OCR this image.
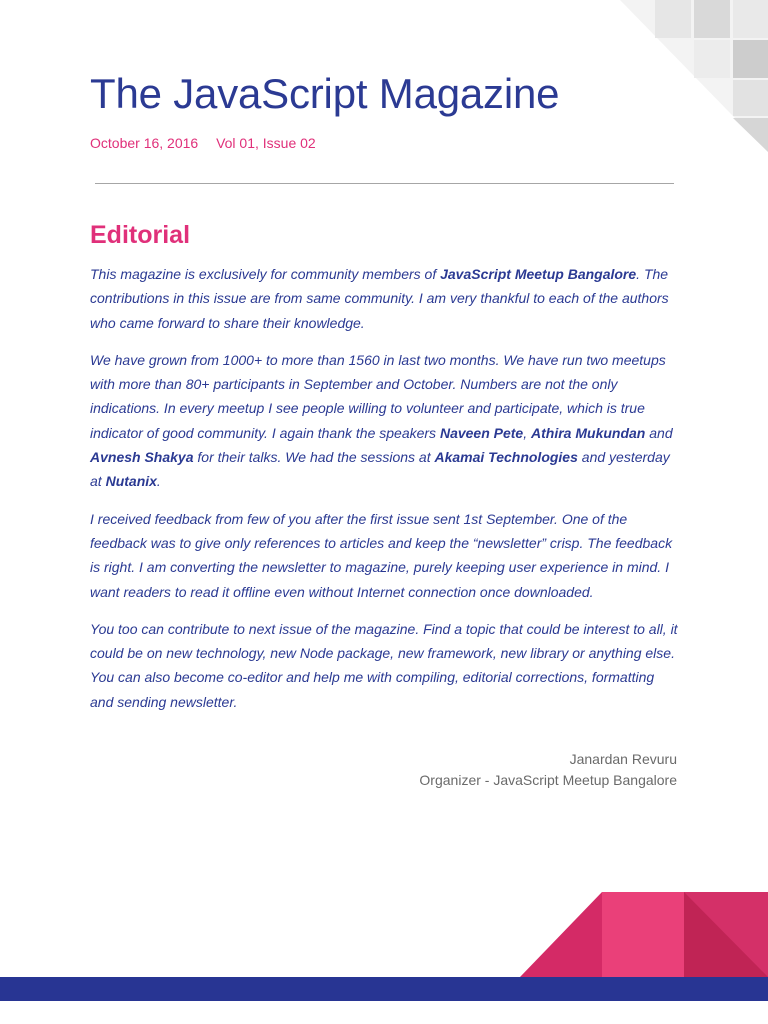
The JavaScript Magazine
October 16, 2016 Vol 01, Issue 02
Editorial

This magazine is exclusively for community members of JavaScript Meetup Bangalore. The contributions in this issue are from same community. I am very thankful to each of the authors who came forward to share their knowledge.

We have grown from 1000+ to more than 1560 in last two months. We have run two meetups with more than 80+ participants in September and October. Numbers are not the only indications. In every meetup I see people willing to volunteer and participate, which is true indicator of good community. I again thank the speakers Naveen Pete, Athira Mukundan and Avnesh Shakya for their talks. We had the sessions at Akamai Technologies and yesterday at Nutanix.

I received feedback from few of you after the first issue sent 1st September. One of the feedback was to give only references to articles and keep the “newsletter” crisp. The feedback is right. I am converting the newsletter to magazine, purely keeping user experience in mind. I want readers to read it offline even without Internet connection once downloaded.

You too can contribute to next issue of the magazine. Find a topic that could be interest to all, it could be on new technology, new Node package, new framework, new library or anything else. You can also become co-editor and help me with compiling, editorial corrections, formatting and sending newsletter.

Janardan Revuru
Organizer - JavaScript Meetup Bangalore
